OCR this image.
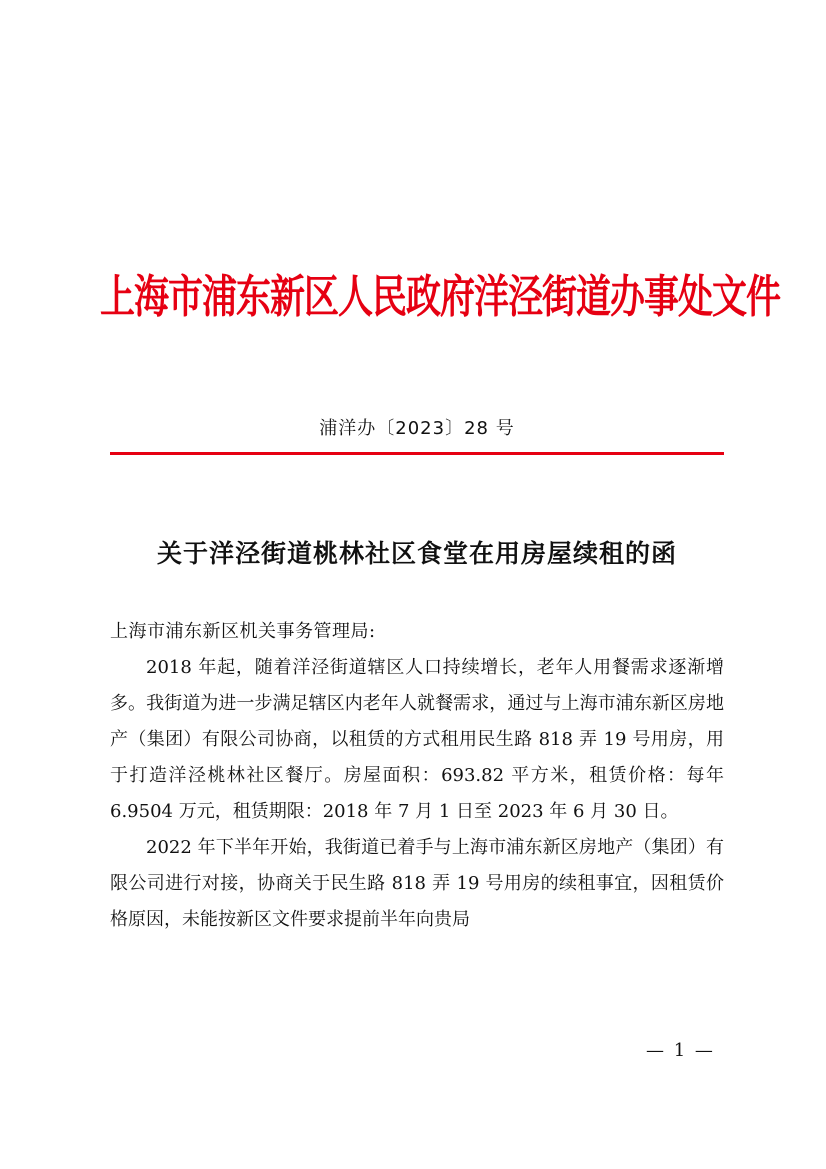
上海市浦东新区人民政府洋泾街道办事处文件
浦洋办〔2023〕28 号
关于洋泾街道桃林社区食堂在用房屋续租的函
上海市浦东新区机关事务管理局:

2018 年起，随着洋泾街道辖区人口持续增长，老年人用餐需求逐渐增多。我街道为进一步满足辖区内老年人就餐需求，通过与上海市浦东新区房地产（集团）有限公司协商，以租赁的方式租用民生路 818 弄 19 号用房，用于打造洋泾桃林社区餐厅。房屋面积：693.82 平方米，租赁价格：每年 6.9504 万元，租赁期限：2018 年 7 月 1 日至 2023 年 6 月 30 日。

2022 年下半年开始，我街道已着手与上海市浦东新区房地产（集团）有限公司进行对接，协商关于民生路 818 弄 19 号用房的续租事宜，因租赁价格原因，未能按新区文件要求提前半年向贵局

— 1 —
